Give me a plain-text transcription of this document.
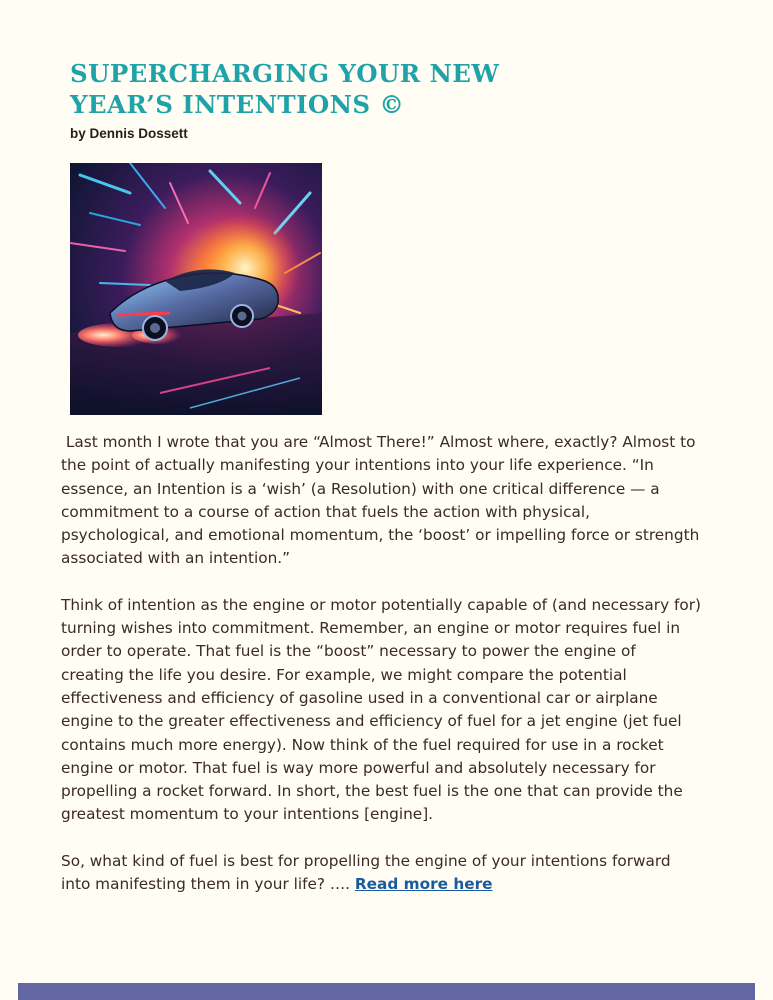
SUPERCHARGING YOUR NEW YEAR’S INTENTIONS ©
by Dennis Dossett

Last month I wrote that you are “Almost There!” Almost where, exactly? Almost to the point of actually manifesting your intentions into your life experience. “In essence, an Intention is a ‘wish’ (a Resolution) with one critical difference — a commitment to a course of action that fuels the action with physical, psychological, and emotional momentum, the ‘boost’ or impelling force or strength associated with an intention.”

Think of intention as the engine or motor potentially capable of (and necessary for) turning wishes into commitment. Remember, an engine or motor requires fuel in order to operate. That fuel is the “boost” necessary to power the engine of creating the life you desire. For example, we might compare the potential effectiveness and efficiency of gasoline used in a conventional car or airplane engine to the greater effectiveness and efficiency of fuel for a jet engine (jet fuel contains much more energy). Now think of the fuel required for use in a rocket engine or motor. That fuel is way more powerful and absolutely necessary for propelling a rocket forward. In short, the best fuel is the one that can provide the greatest momentum to your intentions [engine].

So, what kind of fuel is best for propelling the engine of your intentions forward into manifesting them in your life? …. Read more here
